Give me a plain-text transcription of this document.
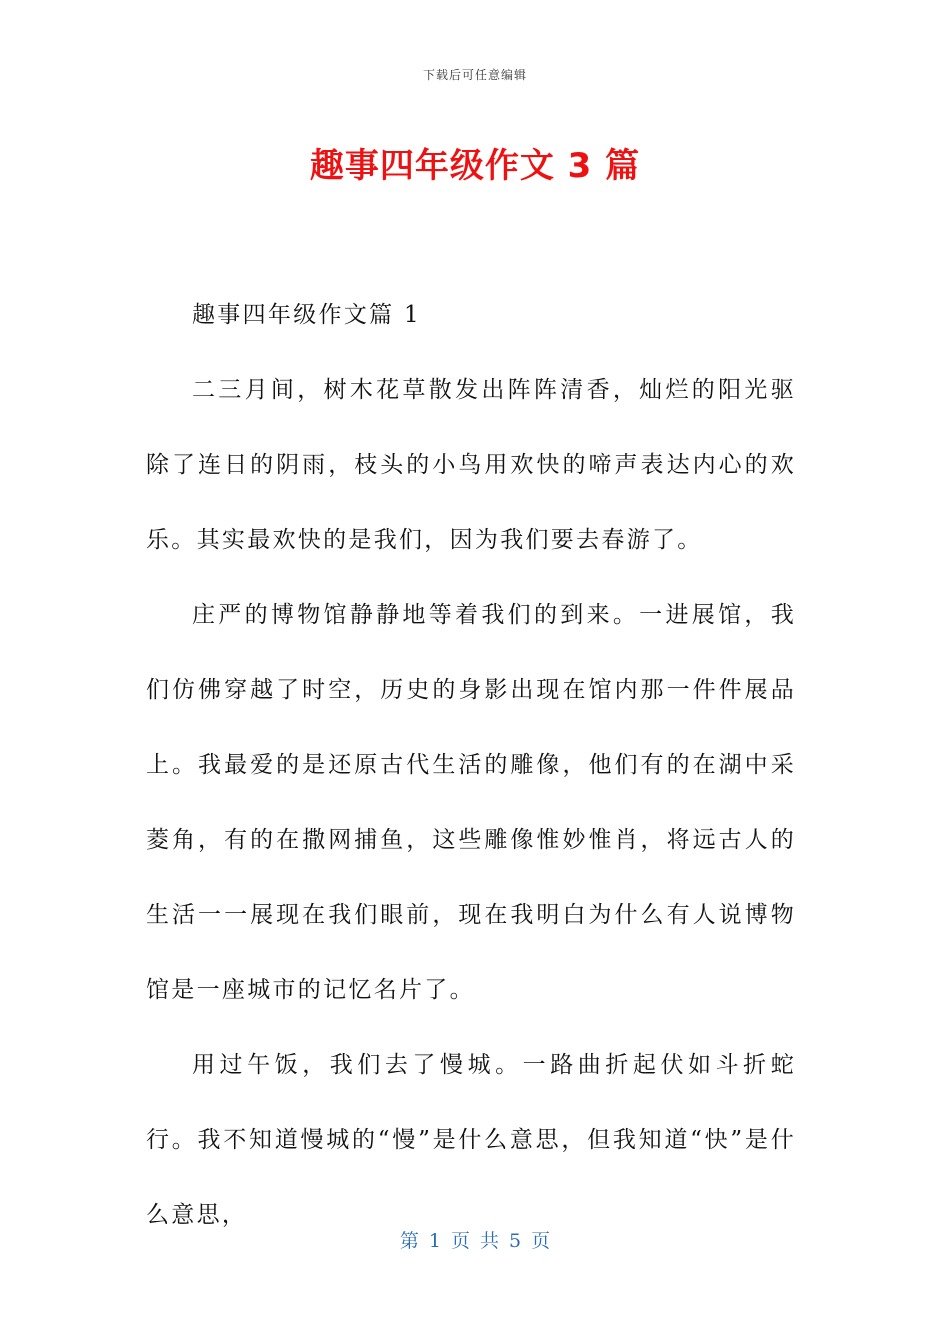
下载后可任意编辑
趣事四年级作文 3 篇

趣事四年级作文篇 1

二三月间，树木花草散发出阵阵清香，灿烂的阳光驱除了连日的阴雨，枝头的小鸟用欢快的啼声表达内心的欢乐。其实最欢快的是我们，因为我们要去春游了。

庄严的博物馆静静地等着我们的到来。一进展馆，我们仿佛穿越了时空，历史的身影出现在馆内那一件件展品上。我最爱的是还原古代生活的雕像，他们有的在湖中采菱角，有的在撒网捕鱼，这些雕像惟妙惟肖，将远古人的生活一一展现在我们眼前，现在我明白为什么有人说博物馆是一座城市的记忆名片了。

用过午饭，我们去了慢城。一路曲折起伏如斗折蛇行。我不知道慢城的“慢”是什么意思，但我知道“快”是什么意思，

第 1 页 共 5 页
